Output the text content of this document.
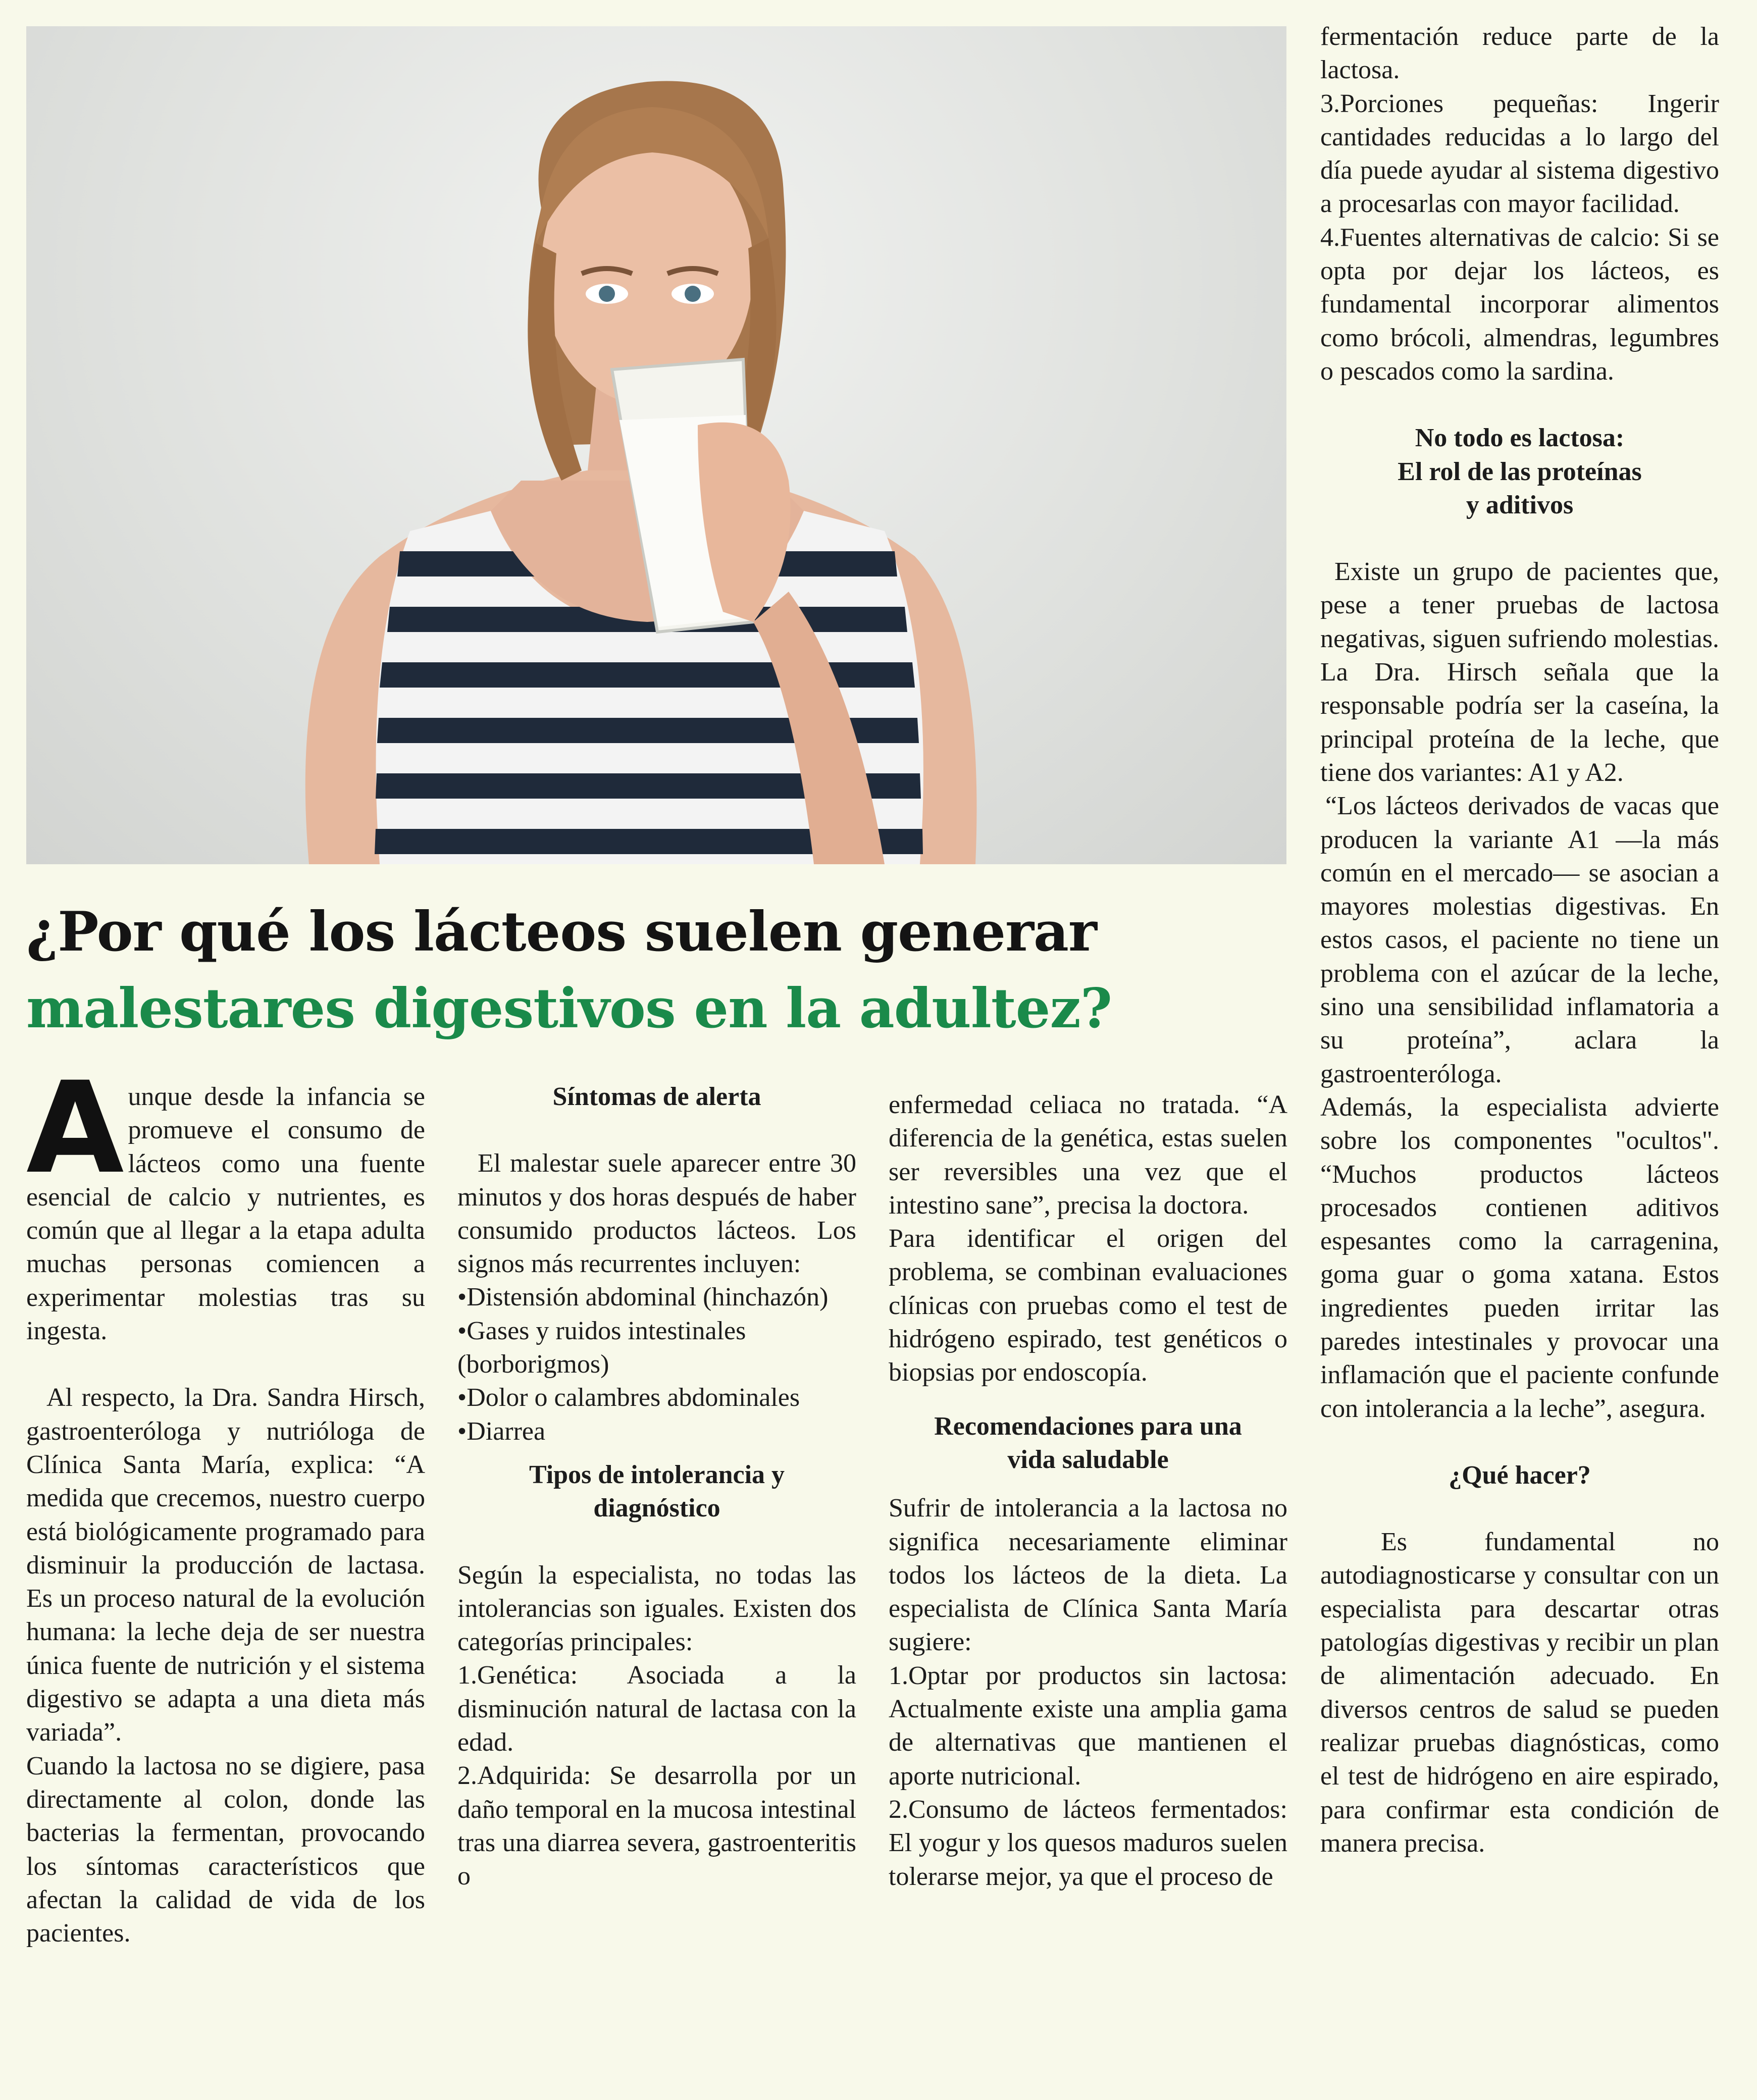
¿Por qué los lácteos suelen generar
malestares digestivos en la adultez?

Aunque desde la infancia se promueve el consumo de lácteos como una fuente esencial de calcio y nutrientes, es común que al llegar a la etapa adulta muchas personas comiencen a experimentar molestias tras su ingesta.

Al respecto, la Dra. Sandra Hirsch, gastroenteróloga y nutrióloga de Clínica Santa María, explica: “A medida que crecemos, nuestro cuerpo está biológicamente programado para disminuir la producción de lactasa. Es un proceso natural de la evolución humana: la leche deja de ser nuestra única fuente de nutrición y el sistema digestivo se adapta a una dieta más variada”.

Cuando la lactosa no se digiere, pasa directamente al colon, donde las bacterias la fermentan, provocando los síntomas característicos que afectan la calidad de vida de los pacientes.

Síntomas de alerta

El malestar suele aparecer entre 30 minutos y dos horas después de haber consumido productos lácteos. Los signos más recurrentes incluyen:

•Distensión abdominal (hinchazón)

•Gases y ruidos intestinales (borborigmos)

•Dolor o calambres abdominales

•Diarrea

Tipos de intolerancia y diagnóstico

Según la especialista, no todas las intolerancias son iguales. Existen dos categorías principales:

1.Genética: Asociada a la disminución natural de lactasa con la edad.

2.Adquirida: Se desarrolla por un daño temporal en la mucosa intestinal tras una diarrea severa, gastroenteritis o

enfermedad celiaca no tratada. “A diferencia de la genética, estas suelen ser reversibles una vez que el intestino sane”, precisa la doctora.

Para identificar el origen del problema, se combinan evaluaciones clínicas con pruebas como el test de hidrógeno espirado, test genéticos o biopsias por endoscopía.

Recomendaciones para una vida saludable

Sufrir de intolerancia a la lactosa no significa necesariamente eliminar todos los lácteos de la dieta. La especialista de Clínica Santa María sugiere:

1.Optar por productos sin lactosa: Actualmente existe una amplia gama de alternativas que mantienen el aporte nutricional.

2.Consumo de lácteos fermentados: El yogur y los quesos maduros suelen tolerarse mejor, ya que el proceso de

fermentación reduce parte de la lactosa.

3.Porciones pequeñas: Ingerir cantidades reducidas a lo largo del día puede ayudar al sistema digestivo a procesarlas con mayor facilidad.

4.Fuentes alternativas de calcio: Si se opta por dejar los lácteos, es fundamental incorporar alimentos como brócoli, almendras, legumbres o pescados como la sardina.

No todo es lactosa:
El rol de las proteínas
y aditivos

Existe un grupo de pacientes que, pese a tener pruebas de lactosa negativas, siguen sufriendo molestias. La Dra. Hirsch señala que la responsable podría ser la caseína, la principal proteína de la leche, que tiene dos variantes: A1 y A2.

“Los lácteos derivados de vacas que producen la variante A1 —la más común en el mercado— se asocian a mayores molestias digestivas. En estos casos, el paciente no tiene un problema con el azúcar de la leche, sino una sensibilidad inflamatoria a su proteína”, aclara la gastroenteróloga.

Además, la especialista advierte sobre los componentes "ocultos". “Muchos productos lácteos procesados contienen aditivos espesantes como la carragenina, goma guar o goma xatana. Estos ingredientes pueden irritar las paredes intestinales y provocar una inflamación que el paciente confunde con intolerancia a la leche”, asegura.

¿Qué hacer?

Es fundamental no autodiagnosticarse y consultar con un especialista para descartar otras patologías digestivas y recibir un plan de alimentación adecuado. En diversos centros de salud se pueden realizar pruebas diagnósticas, como el test de hidrógeno en aire espirado, para confirmar esta condición de manera precisa.
